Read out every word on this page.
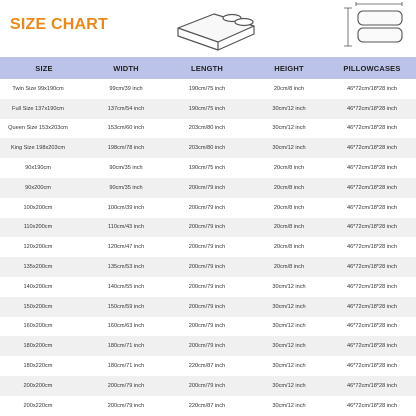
SIZE CHART
SIZE	WIDTH	LENGTH	HEIGHT	PILLOWCASES
Twin Size 99x190cm	99cm/39 inch	190cm/75 inch	20cm/8 inch	46*72cm/18*28 inch
Full Size 137x190cm	137cm/54 inch	190cm/75 inch	30cm/12 inch	46*72cm/18*28 inch
Queen Size 153x203cm	153cm/60 inch	203cm/80 inch	30cm/12 inch	46*72cm/18*28 inch
King Size 198x203cm	198cm/78 inch	203cm/80 inch	30cm/12 inch	46*72cm/18*28 inch
90x190cm	90cm/35 inch	190cm/75 inch	20cm/8 inch	46*72cm/18*28 inch
90x200cm	90cm/35 inch	200cm/79 inch	20cm/8 inch	46*72cm/18*28 inch
100x200cm	100cm/39 inch	200cm/79 inch	20cm/8 inch	46*72cm/18*28 inch
110x200cm	110cm/43 inch	200cm/79 inch	20cm/8 inch	46*72cm/18*28 inch
120x200cm	120cm/47 inch	200cm/79 inch	20cm/8 inch	46*72cm/18*28 inch
135x200cm	135cm/53 inch	200cm/79 inch	20cm/8 inch	46*72cm/18*28 inch
140x200cm	140cm/55 inch	200cm/79 inch	30cm/12 inch	46*72cm/18*28 inch
150x200cm	150cm/59 inch	200cm/79 inch	30cm/12 inch	46*72cm/18*28 inch
160x200cm	160cm/63 inch	200cm/79 inch	30cm/12 inch	46*72cm/18*28 inch
180x200cm	180cm/71 inch	200cm/79 inch	30cm/12 inch	46*72cm/18*28 inch
180x220cm	180cm/71 inch	220cm/87 inch	30cm/12 inch	46*72cm/18*28 inch
200x200cm	200cm/79 inch	200cm/79 inch	30cm/12 inch	46*72cm/18*28 inch
200x220cm	200cm/79 inch	220cm/87 inch	30cm/12 inch	46*72cm/18*28 inch
